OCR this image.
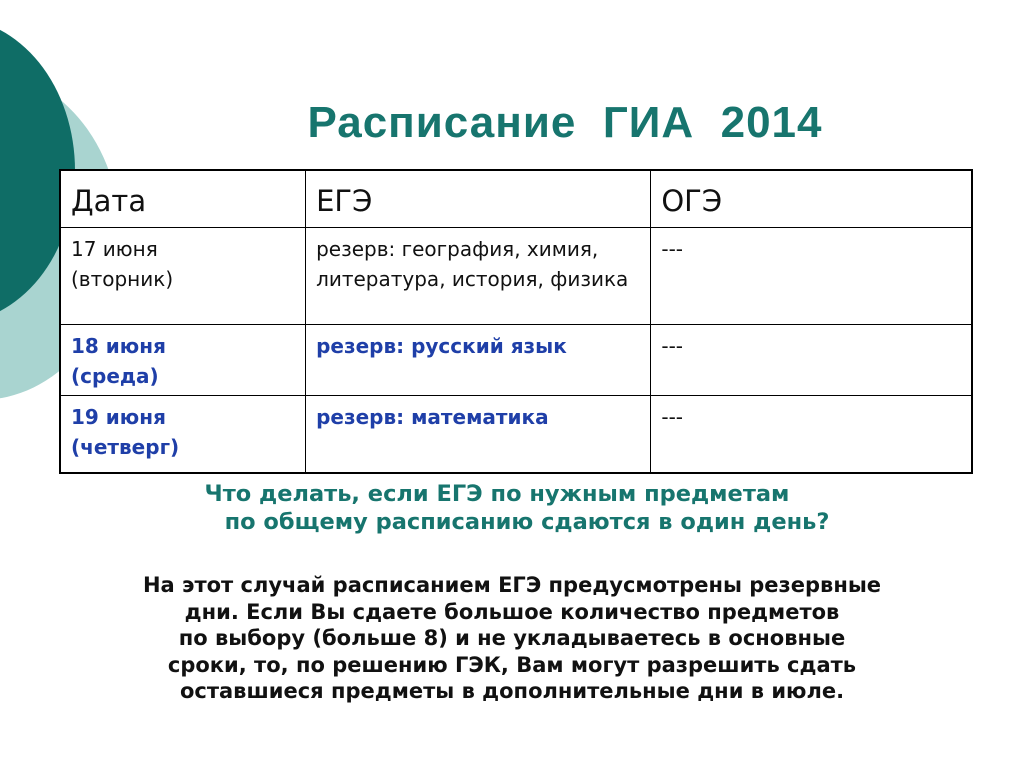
Расписание  ГИА  2014
Дата	ЕГЭ	ОГЭ

17 июня
(вторник)	резерв: география, химия, литература, история, физика	---

18 июня
(среда)	резерв: русский язык	---

19 июня
(четверг)	резерв: математика	---
Что делать, если ЕГЭ по нужным предметам
по общему расписанию сдаются в один день?
На этот случай расписанием ЕГЭ предусмотрены резервные
дни. Если Вы сдаете большое количество предметов
по выбору (больше 8) и не укладываетесь в основные
сроки, то, по решению ГЭК, Вам могут разрешить сдать
оставшиеся предметы в дополнительные дни в июле.
